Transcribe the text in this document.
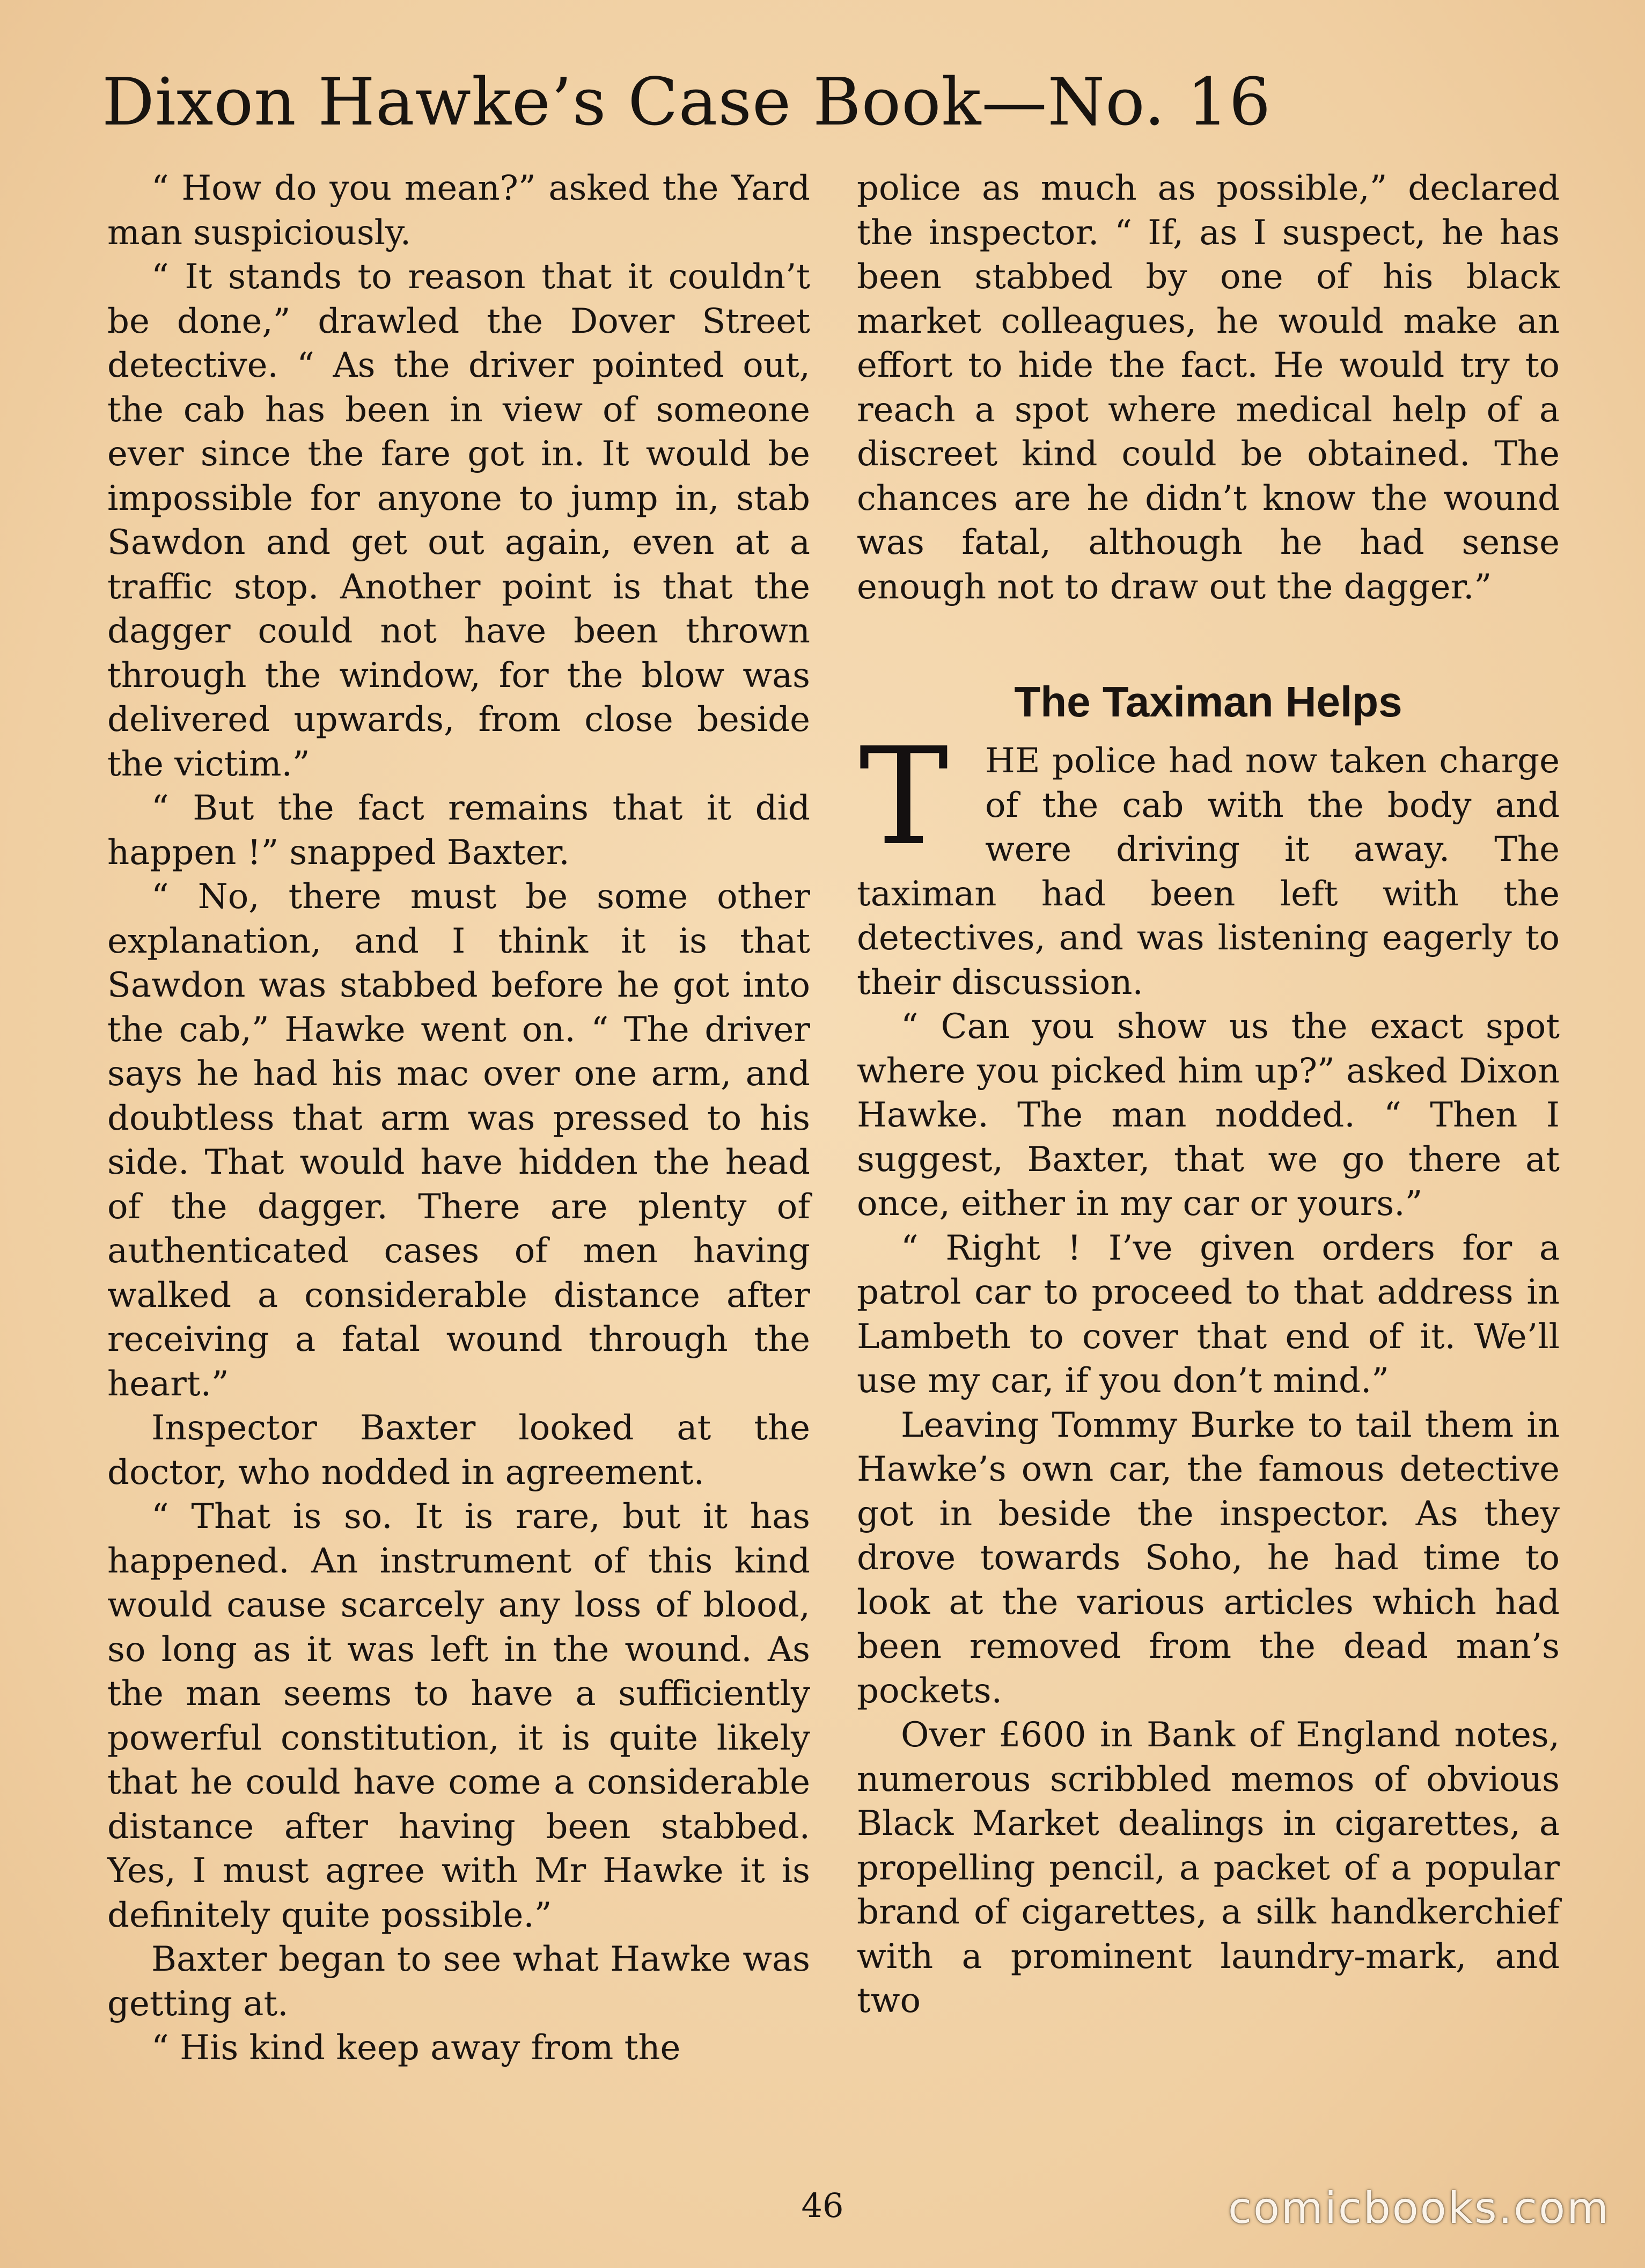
Dixon Hawke’s Case Book—No. 16

“ How do you mean?” asked the Yard man suspiciously.

“ It stands to reason that it couldn’t be done,” drawled the Dover Street detective. “ As the driver pointed out, the cab has been in view of someone ever since the fare got in. It would be impossible for anyone to jump in, stab Sawdon and get out again, even at a traffic stop. Another point is that the dagger could not have been thrown through the window, for the blow was delivered upwards, from close beside the victim.”

“ But the fact remains that it did happen !” snapped Baxter.

“ No, there must be some other explanation, and I think it is that Sawdon was stabbed before he got into the cab,” Hawke went on. “ The driver says he had his mac over one arm, and doubtless that arm was pressed to his side. That would have hidden the head of the dagger. There are plenty of authenticated cases of men having walked a considerable distance after receiving a fatal wound through the heart.”

Inspector Baxter looked at the doctor, who nodded in agreement.

“ That is so. It is rare, but it has happened. An instrument of this kind would cause scarcely any loss of blood, so long as it was left in the wound. As the man seems to have a sufficiently powerful constitution, it is quite likely that he could have come a considerable distance after having been stabbed. Yes, I must agree with Mr Hawke it is definitely quite possible.”

Baxter began to see what Hawke was getting at.

“ His kind keep away from the

police as much as possible,” declared the inspector. “ If, as I suspect, he has been stabbed by one of his black market colleagues, he would make an effort to hide the fact. He would try to reach a spot where medical help of a discreet kind could be obtained. The chances are he didn’t know the wound was fatal, although he had sense enough not to draw out the dagger.”

The Taximan Helps

T	HE police had now taken charge of the cab with the body and were driving it away. The taximan had been left with the detectives, and was listening eagerly to their discussion.

“ Can you show us the exact spot where you picked him up?” asked Dixon Hawke. The man nodded. “ Then I suggest, Baxter, that we go there at once, either in my car or yours.”

“ Right ! I’ve given orders for a patrol car to proceed to that address in Lambeth to cover that end of it. We’ll use my car, if you don’t mind.”

Leaving Tommy Burke to tail them in Hawke’s own car, the famous detective got in beside the inspector. As they drove towards Soho, he had time to look at the various articles which had been removed from the dead man’s pockets.

Over £600 in Bank of England notes, numerous scribbled memos of obvious Black Market dealings in cigarettes, a propelling pencil, a packet of a popular brand of cigarettes, a silk handkerchief with a prominent laundry-mark, and two

46	comicbooks.com
